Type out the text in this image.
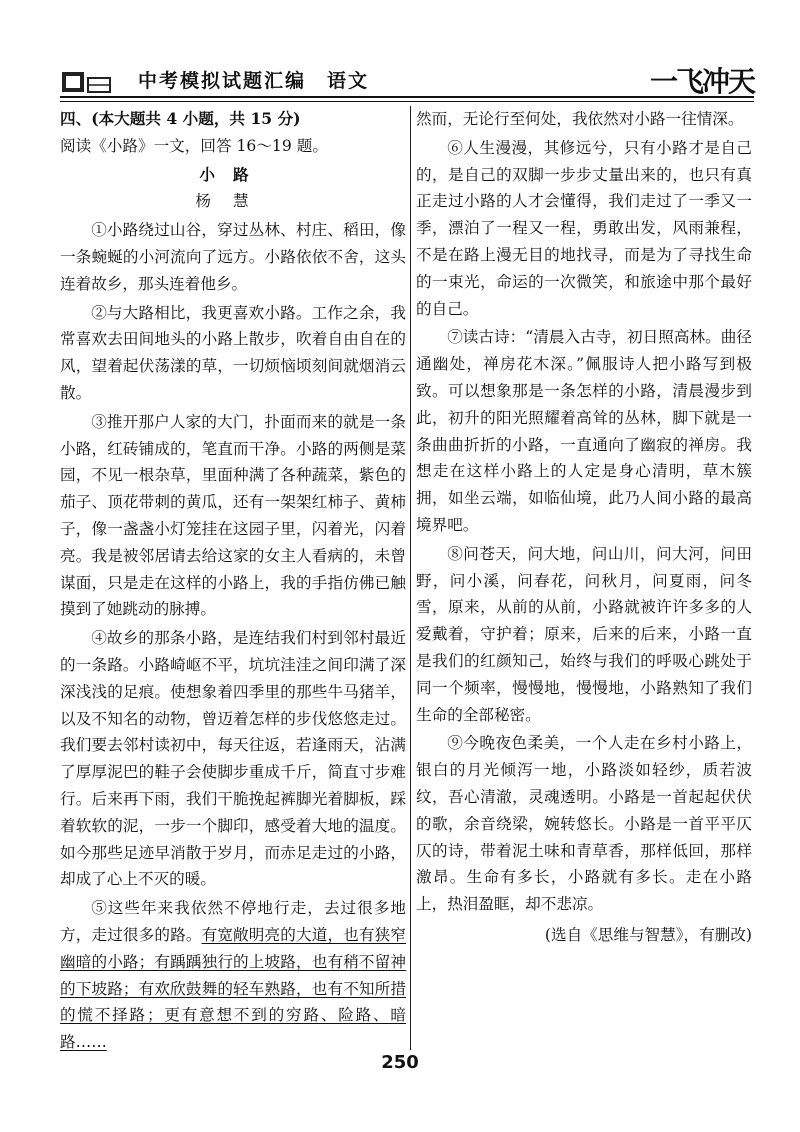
中考模拟试题汇编　语文	一飞冲天

四、(本大题共 4 小题，共 15 分)

阅读《小路》一文，回答 16～19 题。

小路

杨慧

①小路绕过山谷，穿过丛林、村庄、稻田，像一条蜿蜒的小河流向了远方。小路依依不舍，这头连着故乡，那头连着他乡。

②与大路相比，我更喜欢小路。工作之余，我常喜欢去田间地头的小路上散步，吹着自由自在的风，望着起伏荡漾的草，一切烦恼顷刻间就烟消云散。

③推开那户人家的大门，扑面而来的就是一条小路，红砖铺成的，笔直而干净。小路的两侧是菜园，不见一根杂草，里面种满了各种蔬菜，紫色的茄子、顶花带刺的黄瓜，还有一架架红柿子、黄柿子，像一盏盏小灯笼挂在这园子里，闪着光，闪着亮。我是被邻居请去给这家的女主人看病的，未曾谋面，只是走在这样的小路上，我的手指仿佛已触摸到了她跳动的脉搏。

④故乡的那条小路，是连结我们村到邻村最近的一条路。小路崎岖不平，坑坑洼洼之间印满了深深浅浅的足痕。使想象着四季里的那些牛马猪羊，以及不知名的动物，曾迈着怎样的步伐悠悠走过。我们要去邻村读初中，每天往返，若逢雨天，沾满了厚厚泥巴的鞋子会使脚步重成千斤，简直寸步难行。后来再下雨，我们干脆挽起裤脚光着脚板，踩着软软的泥，一步一个脚印，感受着大地的温度。如今那些足迹早消散于岁月，而赤足走过的小路，却成了心上不灭的暖。

⑤这些年来我依然不停地行走，去过很多地方，走过很多的路。有宽敞明亮的大道，也有狭窄幽暗的小路；有踽踽独行的上坡路，也有稍不留神的下坡路；有欢欣鼓舞的轻车熟路，也有不知所措的慌不择路；更有意想不到的穷路、险路、暗路……

然而，无论行至何处，我依然对小路一往情深。

⑥人生漫漫，其修远兮，只有小路才是自己的，是自己的双脚一步步丈量出来的，也只有真正走过小路的人才会懂得，我们走过了一季又一季，漂泊了一程又一程，勇敢出发，风雨兼程，不是在路上漫无目的地找寻，而是为了寻找生命的一束光，命运的一次微笑，和旅途中那个最好的自己。

⑦读古诗：“清晨入古寺，初日照高林。曲径通幽处，禅房花木深。”佩服诗人把小路写到极致。可以想象那是一条怎样的小路，清晨漫步到此，初升的阳光照耀着高耸的丛林，脚下就是一条曲曲折折的小路，一直通向了幽寂的禅房。我想走在这样小路上的人定是身心清明，草木簇拥，如坐云端，如临仙境，此乃人间小路的最高境界吧。

⑧问苍天，问大地，问山川，问大河，问田野，问小溪，问春花，问秋月，问夏雨，问冬雪，原来，从前的从前，小路就被许许多多的人爱戴着，守护着；原来，后来的后来，小路一直是我们的红颜知己，始终与我们的呼吸心跳处于同一个频率，慢慢地，慢慢地，小路熟知了我们生命的全部秘密。

⑨今晚夜色柔美，一个人走在乡村小路上，银白的月光倾泻一地，小路淡如轻纱，质若波纹，吾心清澈，灵魂透明。小路是一首起起伏伏的歌，余音绕梁，婉转悠长。小路是一首平平仄仄的诗，带着泥土味和青草香，那样低回，那样激昂。生命有多长，小路就有多长。走在小路上，热泪盈眶，却不悲凉。

(选自《思维与智慧》，有删改)

250
